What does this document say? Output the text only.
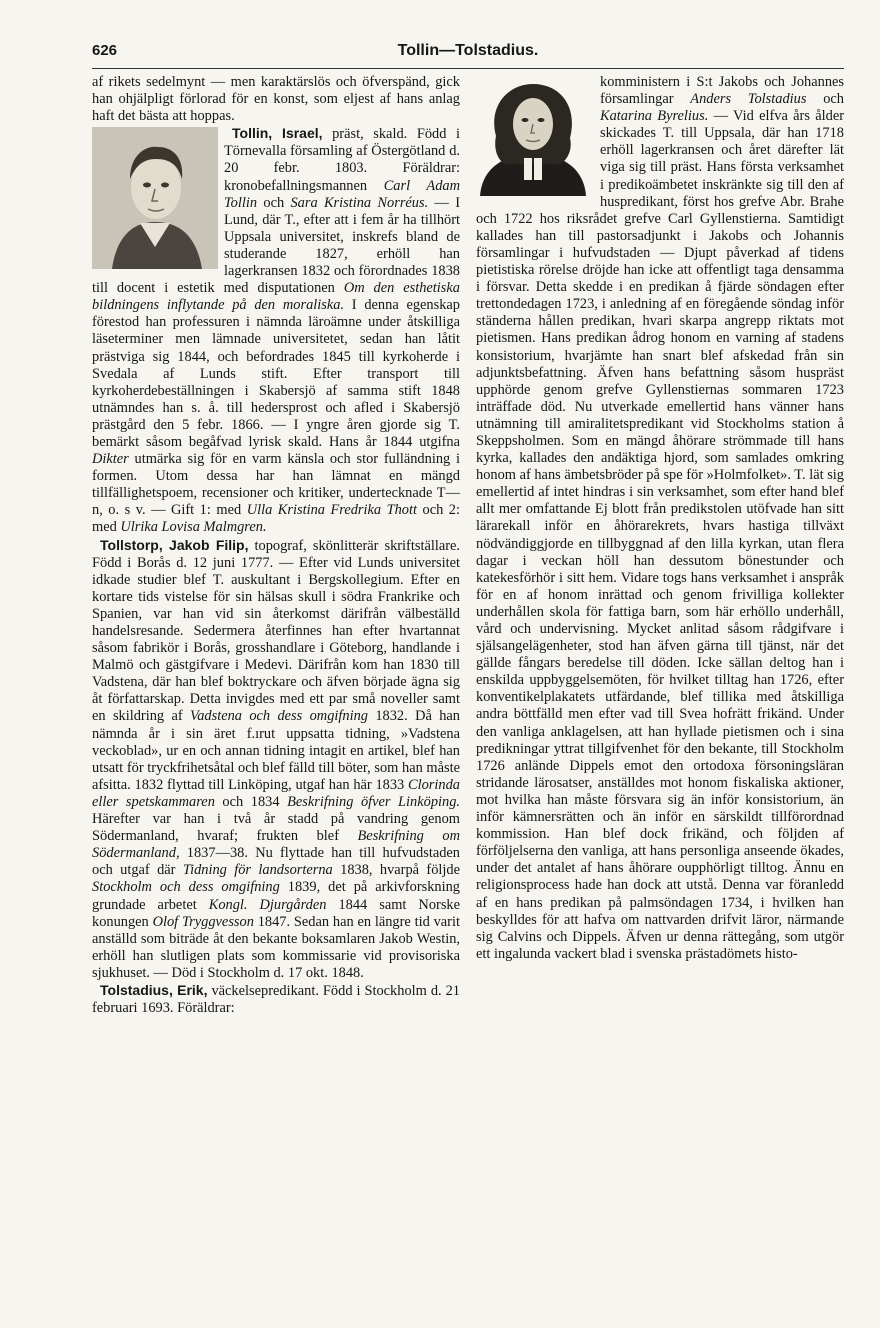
626	Tollin—Tolstadius.

af rikets sedelmynt — men karaktärslös och öfverspänd, gick han ohjälpligt förlorad för en konst, som eljest af hans anlag haft det bästa att hoppas.

Tollin, Israel, präst, skald. Född i Törnevalla församling af Östergötland d. 20 febr. 1803. Föräldrar: kronobefallningsmannen Carl Adam Tollin och Sara Kristina Norréus. — I Lund, där T., efter att i fem år ha tillhört Uppsala universitet, inskrefs bland de studerande 1827, erhöll han lagerkransen 1832 och förordnades 1838 till docent i estetik med disputationen Om den esthetiska bildningens inflytande på den moraliska. I denna egenskap förestod han professuren i nämnda läroämne under åtskilliga läseterminer men lämnade universitetet, sedan han låtit prästviga sig 1844, och befordrades 1845 till kyrkoherde i Svedala af Lunds stift. Efter transport till kyrkoherdebeställningen i Skabersjö af samma stift 1848 utnämndes han s. å. till hedersprost och afled i Skabersjö prästgård den 5 febr. 1866. — I yngre åren gjorde sig T. bemärkt såsom begåfvad lyrisk skald. Hans år 1844 utgifna Dikter utmärka sig för en varm känsla och stor fulländning i formen. Utom dessa har han lämnat en mängd tillfällighetspoem, recensioner och kritiker, undertecknade T—n, o. s v. — Gift 1: med Ulla Kristina Fredrika Thott och 2: med Ulrika Lovisa Malmgren.

Tollstorp, Jakob Filip, topograf, skönlitterär skriftställare. Född i Borås d. 12 juni 1777. — Efter vid Lunds universitet idkade studier blef T. auskultant i Bergskollegium. Efter en kortare tids vistelse för sin hälsas skull i södra Frankrike och Spanien, var han vid sin återkomst därifrån välbeställd handelsresande. Sedermera återfinnes han efter hvartannat såsom fabrikör i Borås, grosshandlare i Göteborg, handlande i Malmö och gästgifvare i Medevi. Därifrån kom han 1830 till Vadstena, där han blef boktryckare och äfven började ägna sig åt författarskap. Detta invigdes med ett par små noveller samt en skildring af Vadstena och dess omgifning 1832. Då han nämnda år i sin äret f.ırut uppsatta tidning, »Vadstena veckoblad», ur en och annan tidning intagit en artikel, blef han utsatt för tryckfrihetsåtal och blef fälld till böter, som han måste afsitta. 1832 flyttad till Linköping, utgaf han här 1833 Clorinda eller spetskammaren och 1834 Beskrifning öfver Linköping. Härefter var han i två år stadd på vandring genom Södermanland, hvaraf; frukten blef Beskrifning om Södermanland, 1837—38. Nu flyttade han till hufvudstaden och utgaf där Tidning för landsorterna 1838, hvarpå följde Stockholm och dess omgifning 1839, det på arkivforskning grundade arbetet Kongl. Djurgården 1844 samt Norske konungen Olof Tryggvesson 1847. Sedan han en längre tid varit anställd som biträde åt den bekante boksamlaren Jakob Westin, erhöll han slutligen plats som kommissarie vid provisoriska sjukhuset. — Död i Stockholm d. 17 okt. 1848.

Tolstadius, Erik, väckelsepredikant. Född i Stockholm d. 21 februari 1693. Föräldrar:

komministern i S:t Jakobs och Johannes församlingar Anders Tolstadius och Katarina Byrelius. — Vid elfva års ålder skickades T. till Uppsala, där han 1718 erhöll lagerkransen och året därefter lät viga sig till präst. Hans första verksamhet i predikoämbetet inskränkte sig till den af huspredikant, först hos grefve Abr. Brahe och 1722 hos riksrådet grefve Carl Gyllenstierna. Samtidigt kallades han till pastorsadjunkt i Jakobs och Johannis församlingar i hufvudstaden — Djupt påverkad af tidens pietistiska rörelse dröjde han icke att offentligt taga densamma i försvar. Detta skedde i en predikan å fjärde söndagen efter trettondedagen 1723, i anledning af en föregående söndag inför ständerna hållen predikan, hvari skarpa angrepp riktats mot pietismen. Hans predikan ådrog honom en varning af stadens konsistorium, hvarjämte han snart blef afskedad från sin adjunktsbefattning. Äfven hans befattning såsom huspräst upphörde genom grefve Gyllenstiernas sommaren 1723 inträffade död. Nu utverkade emellertid hans vänner hans utnämning till amiralitetspredikant vid Stockholms station å Skeppsholmen. Som en mängd åhörare strömmade till hans kyrka, kallades den andäktiga hjord, som samlades omkring honom af hans ämbetsbröder på spe för »Holmfolket». T. lät sig emellertid af intet hindras i sin verksamhet, som efter hand blef allt mer omfattande Ej blott från predikstolen utöfvade han sitt lärarekall inför en åhörarekrets, hvars hastiga tillväxt nödvändiggjorde en tillbyggnad af den lilla kyrkan, utan flera dagar i veckan höll han dessutom bönestunder och katekesförhör i sitt hem. Vidare togs hans verksamhet i anspråk för en af honom inrättad och genom frivilliga kollekter underhållen skola för fattiga barn, som här erhöllo underhåll, vård och undervisning. Mycket anlitad såsom rådgifvare i själsangelägenheter, stod han äfven gärna till tjänst, när det gällde fångars beredelse till döden. Icke sällan deltog han i enskilda uppbyggelsemöten, för hvilket tilltag han 1726, efter konventikelplakatets utfärdande, blef tillika med åtskilliga andra böttfälld men efter vad till Svea hofrätt frikänd. Under den vanliga anklagelsen, att han hyllade pietismen och i sina predikningar yttrat tillgifvenhet för den bekante, till Stockholm 1726 anlände Dippels emot den ortodoxa försoningsläran stridande lärosatser, anställdes mot honom fiskaliska aktioner, mot hvilka han måste försvara sig än inför konsistorium, än inför kämnersrätten och än inför en särskildt tillförordnad kommission. Han blef dock frikänd, och följden af förföljelserna den vanliga, att hans personliga anseende ökades, under det antalet af hans åhörare oupphörligt tilltog. Ännu en religionsprocess hade han dock att utstå. Denna var föranledd af en hans predikan på palmsöndagen 1734, i hvilken han beskylldes för att hafva om nattvarden drifvit läror, närmande sig Calvins och Dippels. Äfven ur denna rättegång, som utgör ett ingalunda vackert blad i svenska prästadömets histo-
